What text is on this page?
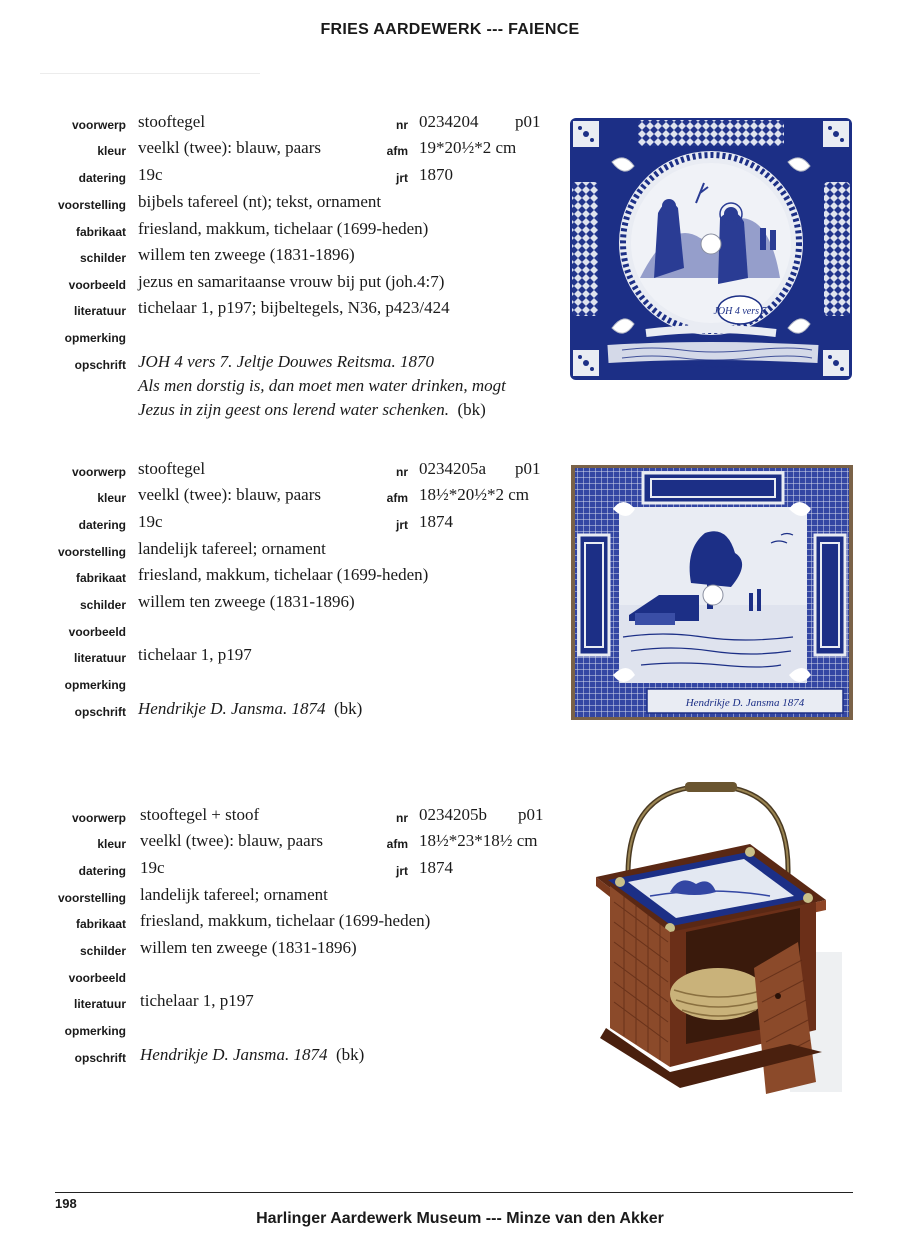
FRIES AARDEWERK --- FAIENCE
voorwerp stooftegel	nr 0234204 p01
kleur veelkl (twee): blauw, paars	afm 19*20½*2 cm
datering 19c	jrt 1870
voorstelling bijbels tafereel (nt); tekst, ornament
fabrikaat friesland, makkum, tichelaar (1699-heden)
schilder willem ten zweege (1831-1896)
voorbeeld jezus en samaritaanse vrouw bij put (joh.4:7)
literatuur tichelaar 1, p197; bijbeltegels, N36, p423/424
opmerking
opschrift JOH 4 vers 7. Jeltje Douwes Reitsma. 1870
Als men dorstig is, dan moet men water drinken, mogt
Jezus in zijn geest ons lerend water schenken. (bk)
JOH 4 vers 7
voorwerp stooftegel	nr 0234205a p01
kleur veelkl (twee): blauw, paars	afm 18½*20½*2 cm
datering 19c	jrt 1874
voorstelling landelijk tafereel; ornament
fabrikaat friesland, makkum, tichelaar (1699-heden)
schilder willem ten zweege (1831-1896)
voorbeeld
literatuur tichelaar 1, p197
opmerking
opschrift Hendrikje D. Jansma. 1874 (bk)	Hendrikje D. Jansma 1874
voorwerp stooftegel + stoof	nr 0234205b p01
kleur veelkl (twee): blauw, paars	afm 18½*23*18½ cm
datering 19c	jrt 1874
voorstelling landelijk tafereel; ornament
fabrikaat friesland, makkum, tichelaar (1699-heden)
schilder willem ten zweege (1831-1896)
voorbeeld
literatuur tichelaar 1, p197
opmerking
opschrift Hendrikje D. Jansma. 1874 (bk)
198
Harlinger Aardewerk Museum --- Minze van den Akker
